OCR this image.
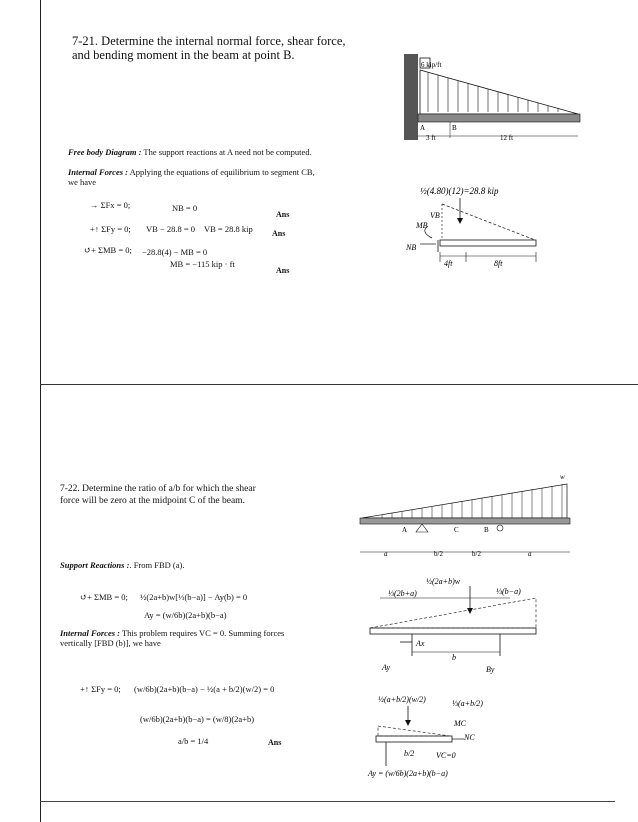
7-21. Determine the internal normal force, shear force,
and bending moment in the beam at point B.
6 kip/ft
A	B
3 ft	12 ft
Free body Diagram : The support reactions at A need not be computed.
Internal Forces : Applying the equations of equilibrium to segment CB,
we have
→ ΣFx = 0;	NB = 0
Ans
+↑ ΣFy = 0; VB − 28.8 = 0 VB = 28.8 kip Ans
↺+ ΣMB = 0; −28.8(4) − MB = 0
MB = −115 kip · ft
Ans
½(4.80)(12)=28.8 kip
MB
VB
NB
4ft	8ft
7-22. Determine the ratio of a/b for which the shear
force will be zero at the midpoint C of the beam.
w
A	C	B
a	b/2	b/2	a
Support Reactions :. From FBD (a).
↺+ ΣMB = 0; ½(2a+b)w[⅓(b−a)] − Ay(b) = 0
Ay = (w/6b)(2a+b)(b−a)
Internal Forces : This problem requires VC = 0. Summing forces
vertically [FBD (b)], we have
+↑ ΣFy = 0; (w/6b)(2a+b)(b−a) − ½(a + b/2)(w/2) = 0
(w/6b)(2a+b)(b−a) = (w/8)(2a+b)
a/b = 1/4	Ans
½(2a+b)w
⅓(2b+a)	⅓(b−a)
Ax
Ay	By
b
½(a+b/2)(w/2)	⅓(a+b/2)
MC
NC
b/2	VC=0
Ay = (w/6b)(2a+b)(b−a)
